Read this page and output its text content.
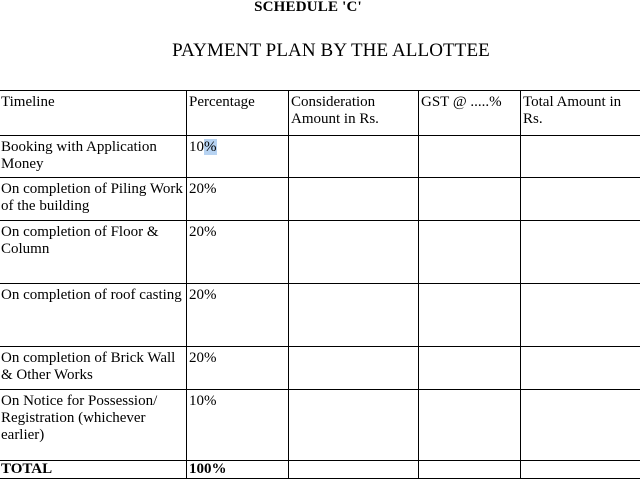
SCHEDULE 'C'
PAYMENT PLAN BY THE ALLOTTEE
Timeline	Percentage	Consideration Amount in Rs.	GST @ .....%	Total Amount in Rs.
Booking with Application Money	10%			
On completion of Piling Work of the building	20%			
On completion of Floor & Column	20%			
On completion of roof casting	20%			
On completion of Brick Wall & Other Works	20%			
On Notice for Possession/ Registration (whichever earlier)	10%			
TOTAL	100%			
